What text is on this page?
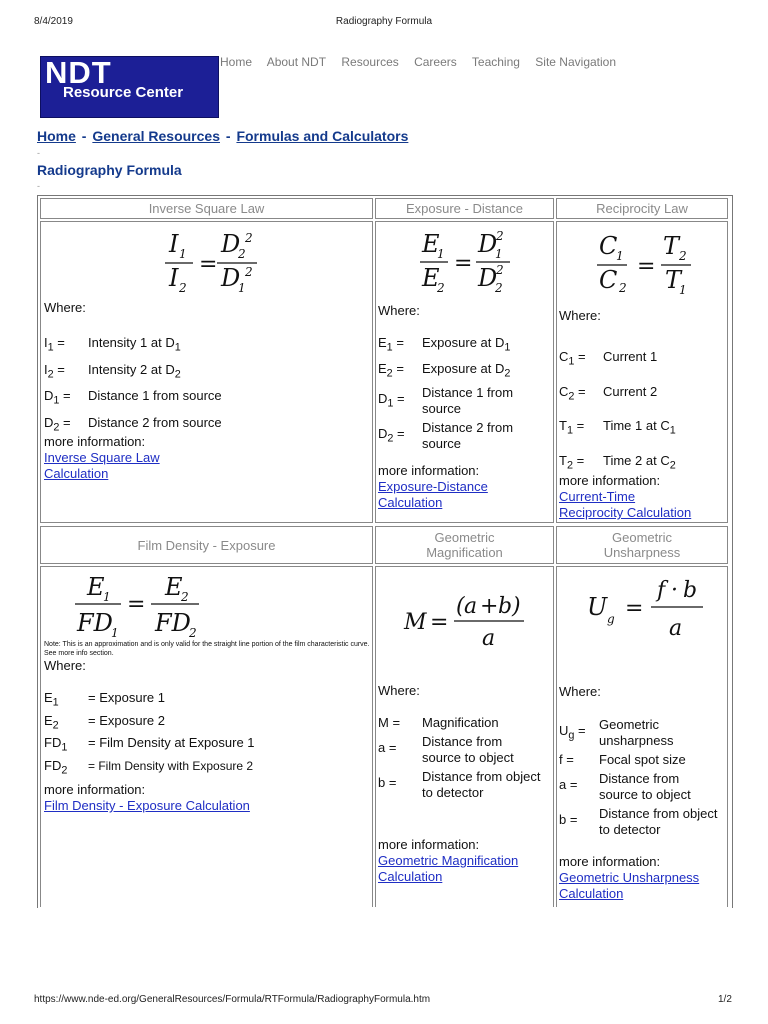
8/4/2019	Radiography Formula
NDT
Resource Center
Home About NDT Resources Careers Teaching Site Navigation
Home - General Resources - Formulas and Calculators
-
Radiography Formula
-
Inverse Square Law	Exposure - Distance	Reciprocity Law
I 1
I 2
=
D
2
2
D
1
2
Where:
$I_1$ =	Intensity 1 at $D_1$
$I_2$ =	Intensity 2 at $D_2$
$D_1$ =	Distance 1 from source
$D_2$ =	Distance 2 from source
more information:
Inverse Square Law
Calculation
E
1
E
2
=
D
1
2
D
2
2
Where:
$E_1$ =	Exposure at $D_1$
$E_2$ =	Exposure at $D_2$
$D_1$ =	Distance 1 from source
$D_2$ =	Distance 2 from source
more information:
Exposure-Distance
Calculation
C
1
C 2
=
T 2
T
1
Where:
$C_1$ =	Current 1
$C_2$ =	Current 2
$T_1$ =	Time 1 at $C_1$
$T_2$ =	Time 2 at $C_2$
more information:
Current-Time
Reciprocity Calculation
Film Density - Exposure	Geometric Magnification
Geometric Unsharpness
E
1
FD
1
=
E
2
FD
2
Note: This is an approximation and is only valid for the straight line portion of the film characteristic curve. See more info section.
Where:
$E_1$	= Exposure 1
$E_2$	= Exposure 2
$FD_1$	= Film Density at Exposure 1
$FD_2$	= Film Density with Exposure 2
more information:
Film Density - Exposure Calculation
M =
( a + b )
a
Where:
M =	Magnification
a =	Distance from source to object
b =	Distance from object to detector
more information:
Geometric Magnification
Calculation
U g =
f · b
a
Where:
$U_g$ =	Geometric unsharpness
f =	Focal spot size
a =	Distance from source to object
b =	Distance from object to detector
more information:
Geometric Unsharpness
Calculation
https://www.nde-ed.org/GeneralResources/Formula/RTFormula/RadiographyFormula.htm	1/2
